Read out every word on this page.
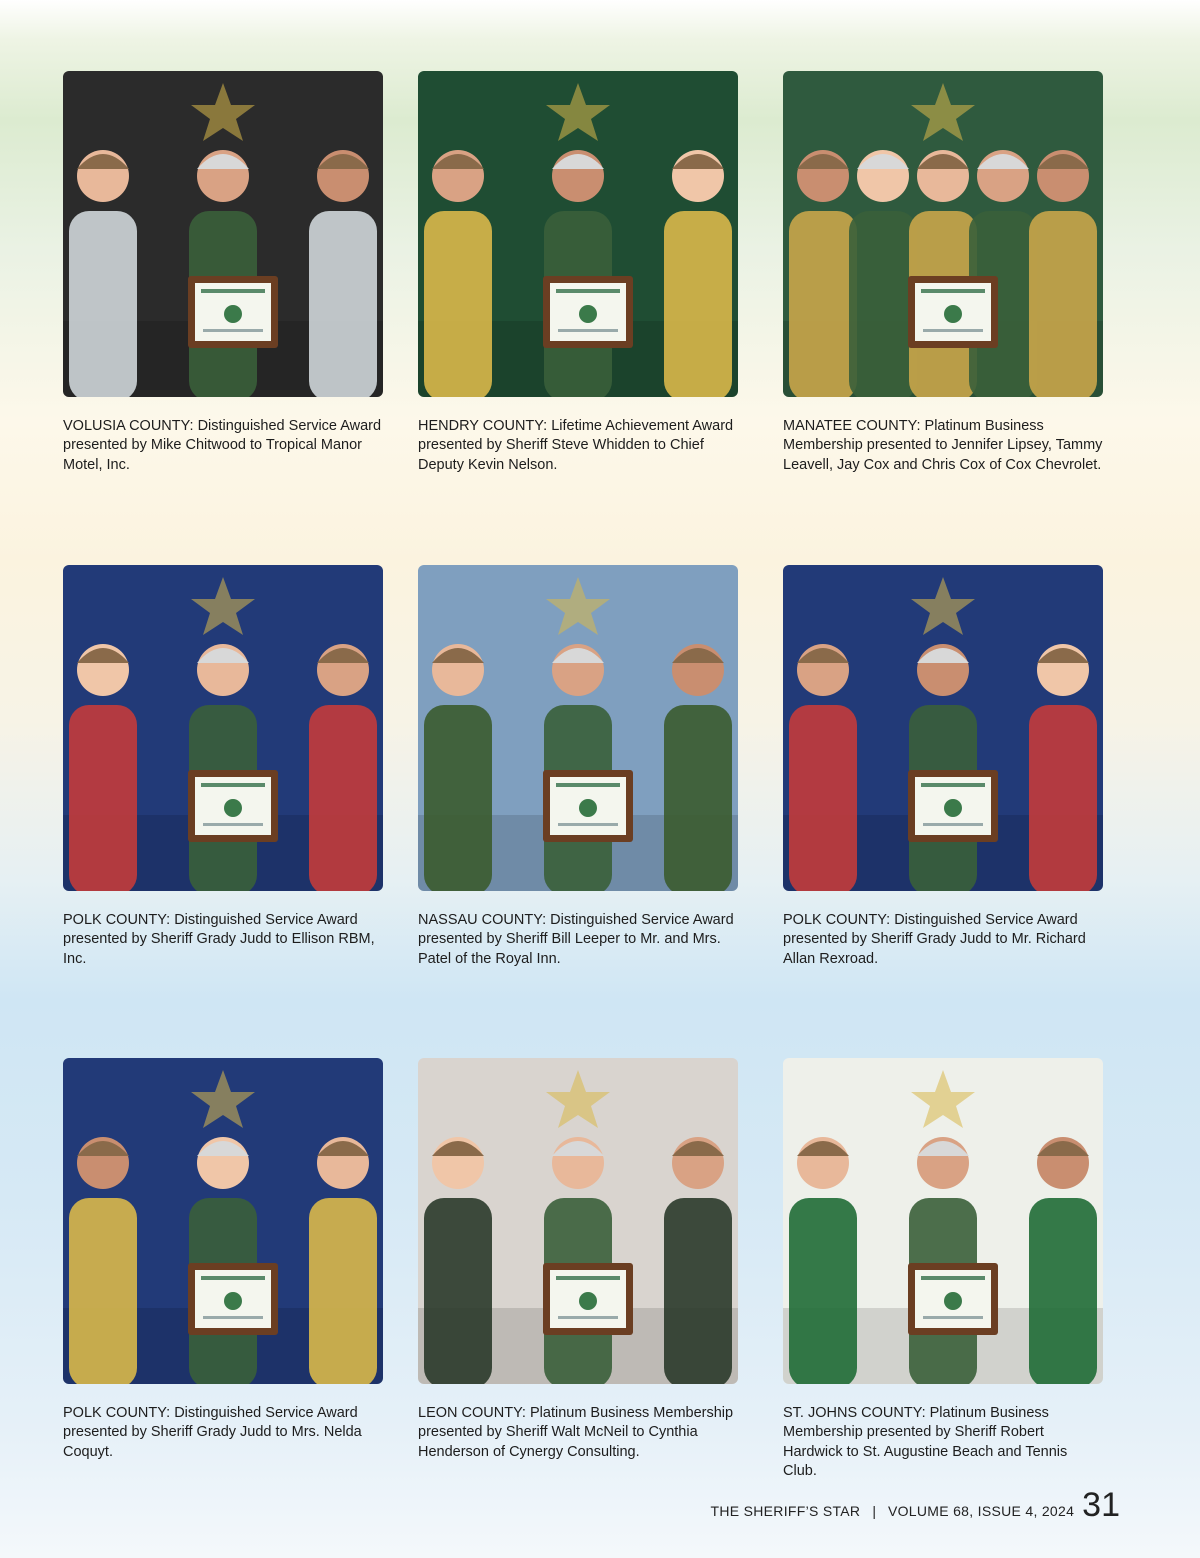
VOLUSIA COUNTY: Distinguished Service Award presented by Mike Chitwood to Tropical Manor Motel, Inc.
HENDRY COUNTY: Lifetime Achievement Award presented by Sheriff Steve Whidden to Chief Deputy Kevin Nelson.
MANATEE COUNTY: Platinum Business Membership presented to Jennifer Lipsey, Tammy Leavell, Jay Cox and Chris Cox of Cox Chevrolet.
POLK COUNTY: Distinguished Service Award presented by Sheriff Grady Judd to Ellison RBM, Inc.
NASSAU COUNTY: Distinguished Service Award presented by Sheriff Bill Leeper to Mr. and Mrs. Patel of the Royal Inn.
POLK COUNTY: Distinguished Service Award presented by Sheriff Grady Judd to Mr. Richard Allan Rexroad.
POLK COUNTY: Distinguished Service Award presented by Sheriff Grady Judd to Mrs. Nelda Coquyt.
LEON COUNTY: Platinum Business Membership presented by Sheriff Walt McNeil to Cynthia Henderson of Cynergy Consulting.
ST. JOHNS COUNTY: Platinum Business Membership presented by Sheriff Robert Hardwick to St. Augustine Beach and Tennis Club.
THE SHERIFF’S STAR | VOLUME 68, ISSUE 4, 2024 31
